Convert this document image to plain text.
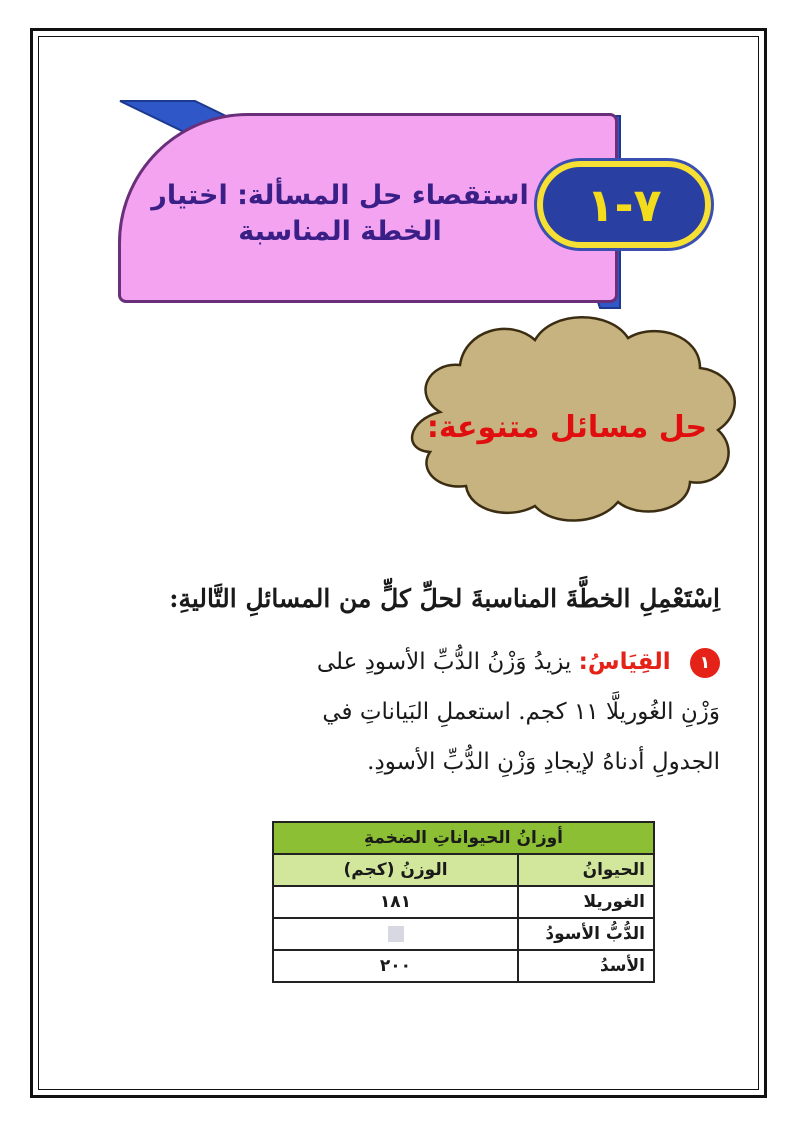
استقصاء حل المسألة: اختيار
الخطة المناسبة	٧-١
حل مسائل متنوعة:
اِسْتَعْمِلِ الخطَّةَ المناسبةَ لحلِّ كلٍّ من المسائلِ التَّاليةِ:
١ القِيَاسُ: يزيدُ وَزْنُ الدُّبِّ الأسودِ على
وَزْنِ الغُوريلَّا ١١ كجم. استعملِ البَياناتِ في
الجدولِ أدناهُ لإيجادِ وَزْنِ الدُّبِّ الأسودِ.
أوزانُ الحيواناتِ الضخمةِ	
الحيوانُ	الوزنُ (كجم)
الغوريلا	١٨١
الدُّبُّ الأسودُ	
الأسدُ	٢٠٠
